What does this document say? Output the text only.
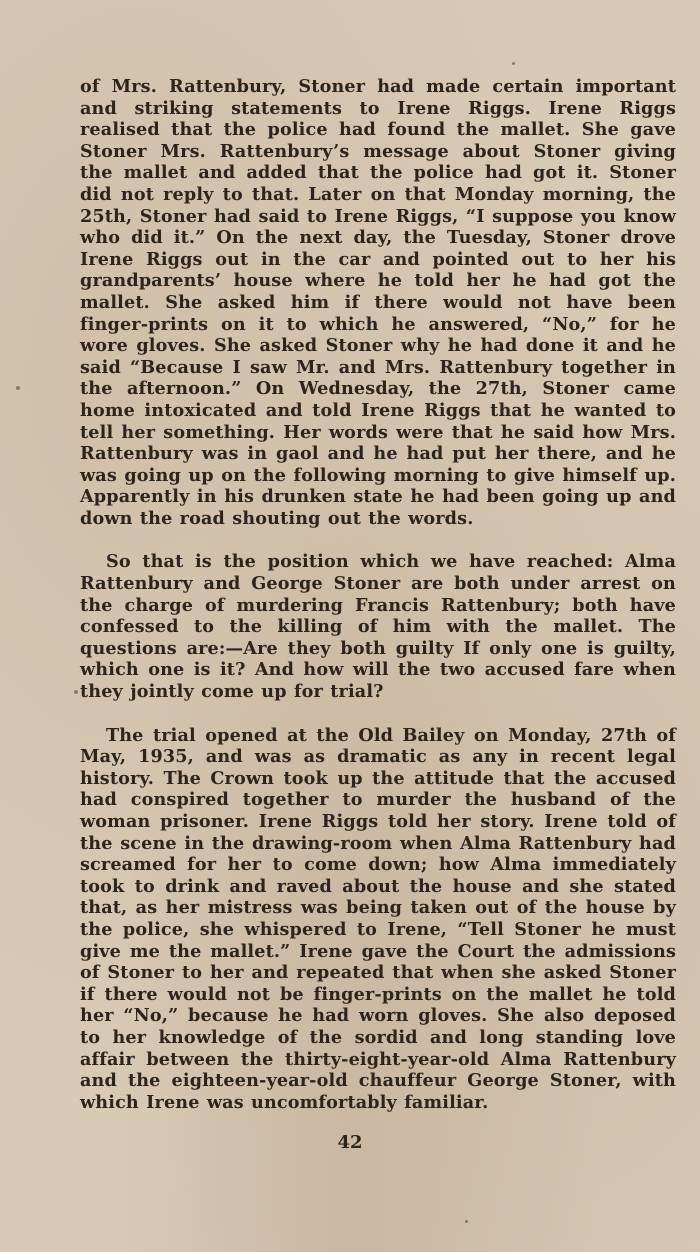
of Mrs. Rattenbury, Stoner had made certain important and striking statements to Irene Riggs. Irene Riggs realised that the police had found the mallet. She gave Stoner Mrs. Rattenbury’s message about Stoner giving the mallet and added that the police had got it. Stoner did not reply to that. Later on that Monday morning, the 25th, Stoner had said to Irene Riggs, “I suppose you know who did it.” On the next day, the Tuesday, Stoner drove Irene Riggs out in the car and pointed out to her his grandparents’ house where he told her he had got the mallet. She asked him if there would not have been finger-prints on it to which he answered, “No,” for he wore gloves. She asked Stoner why he had done it and he said “Because I saw Mr. and Mrs. Rattenbury together in the afternoon.” On Wednesday, the 27th, Stoner came home intoxicated and told Irene Riggs that he wanted to tell her something. Her words were that he said how Mrs. Rattenbury was in gaol and he had put her there, and he was going up on the following morning to give himself up. Apparently in his drunken state he had been going up and down the road shouting out the words.

So that is the position which we have reached: Alma Rattenbury and George Stoner are both under arrest on the charge of murdering Francis Rattenbury; both have confessed to the killing of him with the mallet. The questions are:—Are they both guilty If only one is guilty, which one is it? And how will the two accused fare when they jointly come up for trial?

The trial opened at the Old Bailey on Monday, 27th of May, 1935, and was as dramatic as any in recent legal history. The Crown took up the attitude that the accused had conspired together to murder the husband of the woman prisoner. Irene Riggs told her story. Irene told of the scene in the drawing-room when Alma Rattenbury had screamed for her to come down; how Alma immediately took to drink and raved about the house and she stated that, as her mistress was being taken out of the house by the police, she whispered to Irene, “Tell Stoner he must give me the mallet.” Irene gave the Court the admissions of Stoner to her and repeated that when she asked Stoner if there would not be finger-prints on the mallet he told her “No,” because he had worn gloves. She also deposed to her knowledge of the sordid and long standing love affair between the thirty-eight-year-old Alma Rattenbury and the eighteen-year-old chauffeur George Stoner, with which Irene was uncomfortably familiar.

42
